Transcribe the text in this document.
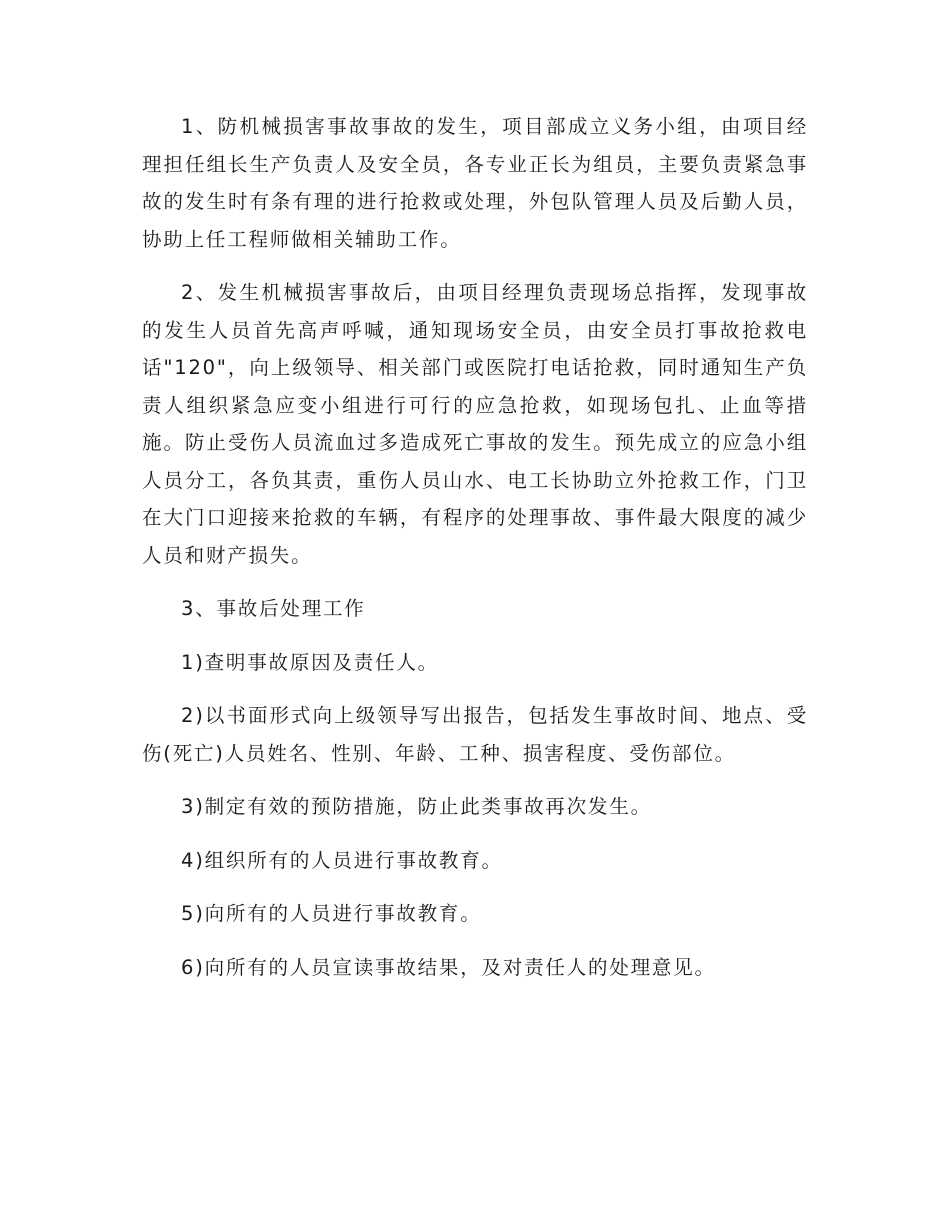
1、防机械损害事故事故的发生，项目部成立义务小组，由项目经理担任组长生产负责人及安全员，各专业正长为组员，主要负责紧急事故的发生时有条有理的进行抢救或处理，外包队管理人员及后勤人员，协助上任工程师做相关辅助工作。

2、发生机械损害事故后，由项目经理负责现场总指挥，发现事故的发生人员首先高声呼喊，通知现场安全员，由安全员打事故抢救电话"120"，向上级领导、相关部门或医院打电话抢救，同时通知生产负责人组织紧急应变小组进行可行的应急抢救，如现场包扎、止血等措施。防止受伤人员流血过多造成死亡事故的发生。预先成立的应急小组人员分工，各负其责，重伤人员山水、电工长协助立外抢救工作，门卫在大门口迎接来抢救的车辆，有程序的处理事故、事件最大限度的减少人员和财产损失。

3、事故后处理工作

1)查明事故原因及责任人。

2)以书面形式向上级领导写出报告，包括发生事故时间、地点、受伤(死亡)人员姓名、性别、年龄、工种、损害程度、受伤部位。

3)制定有效的预防措施，防止此类事故再次发生。

4)组织所有的人员进行事故教育。

5)向所有的人员进行事故教育。

6)向所有的人员宣读事故结果，及对责任人的处理意见。
